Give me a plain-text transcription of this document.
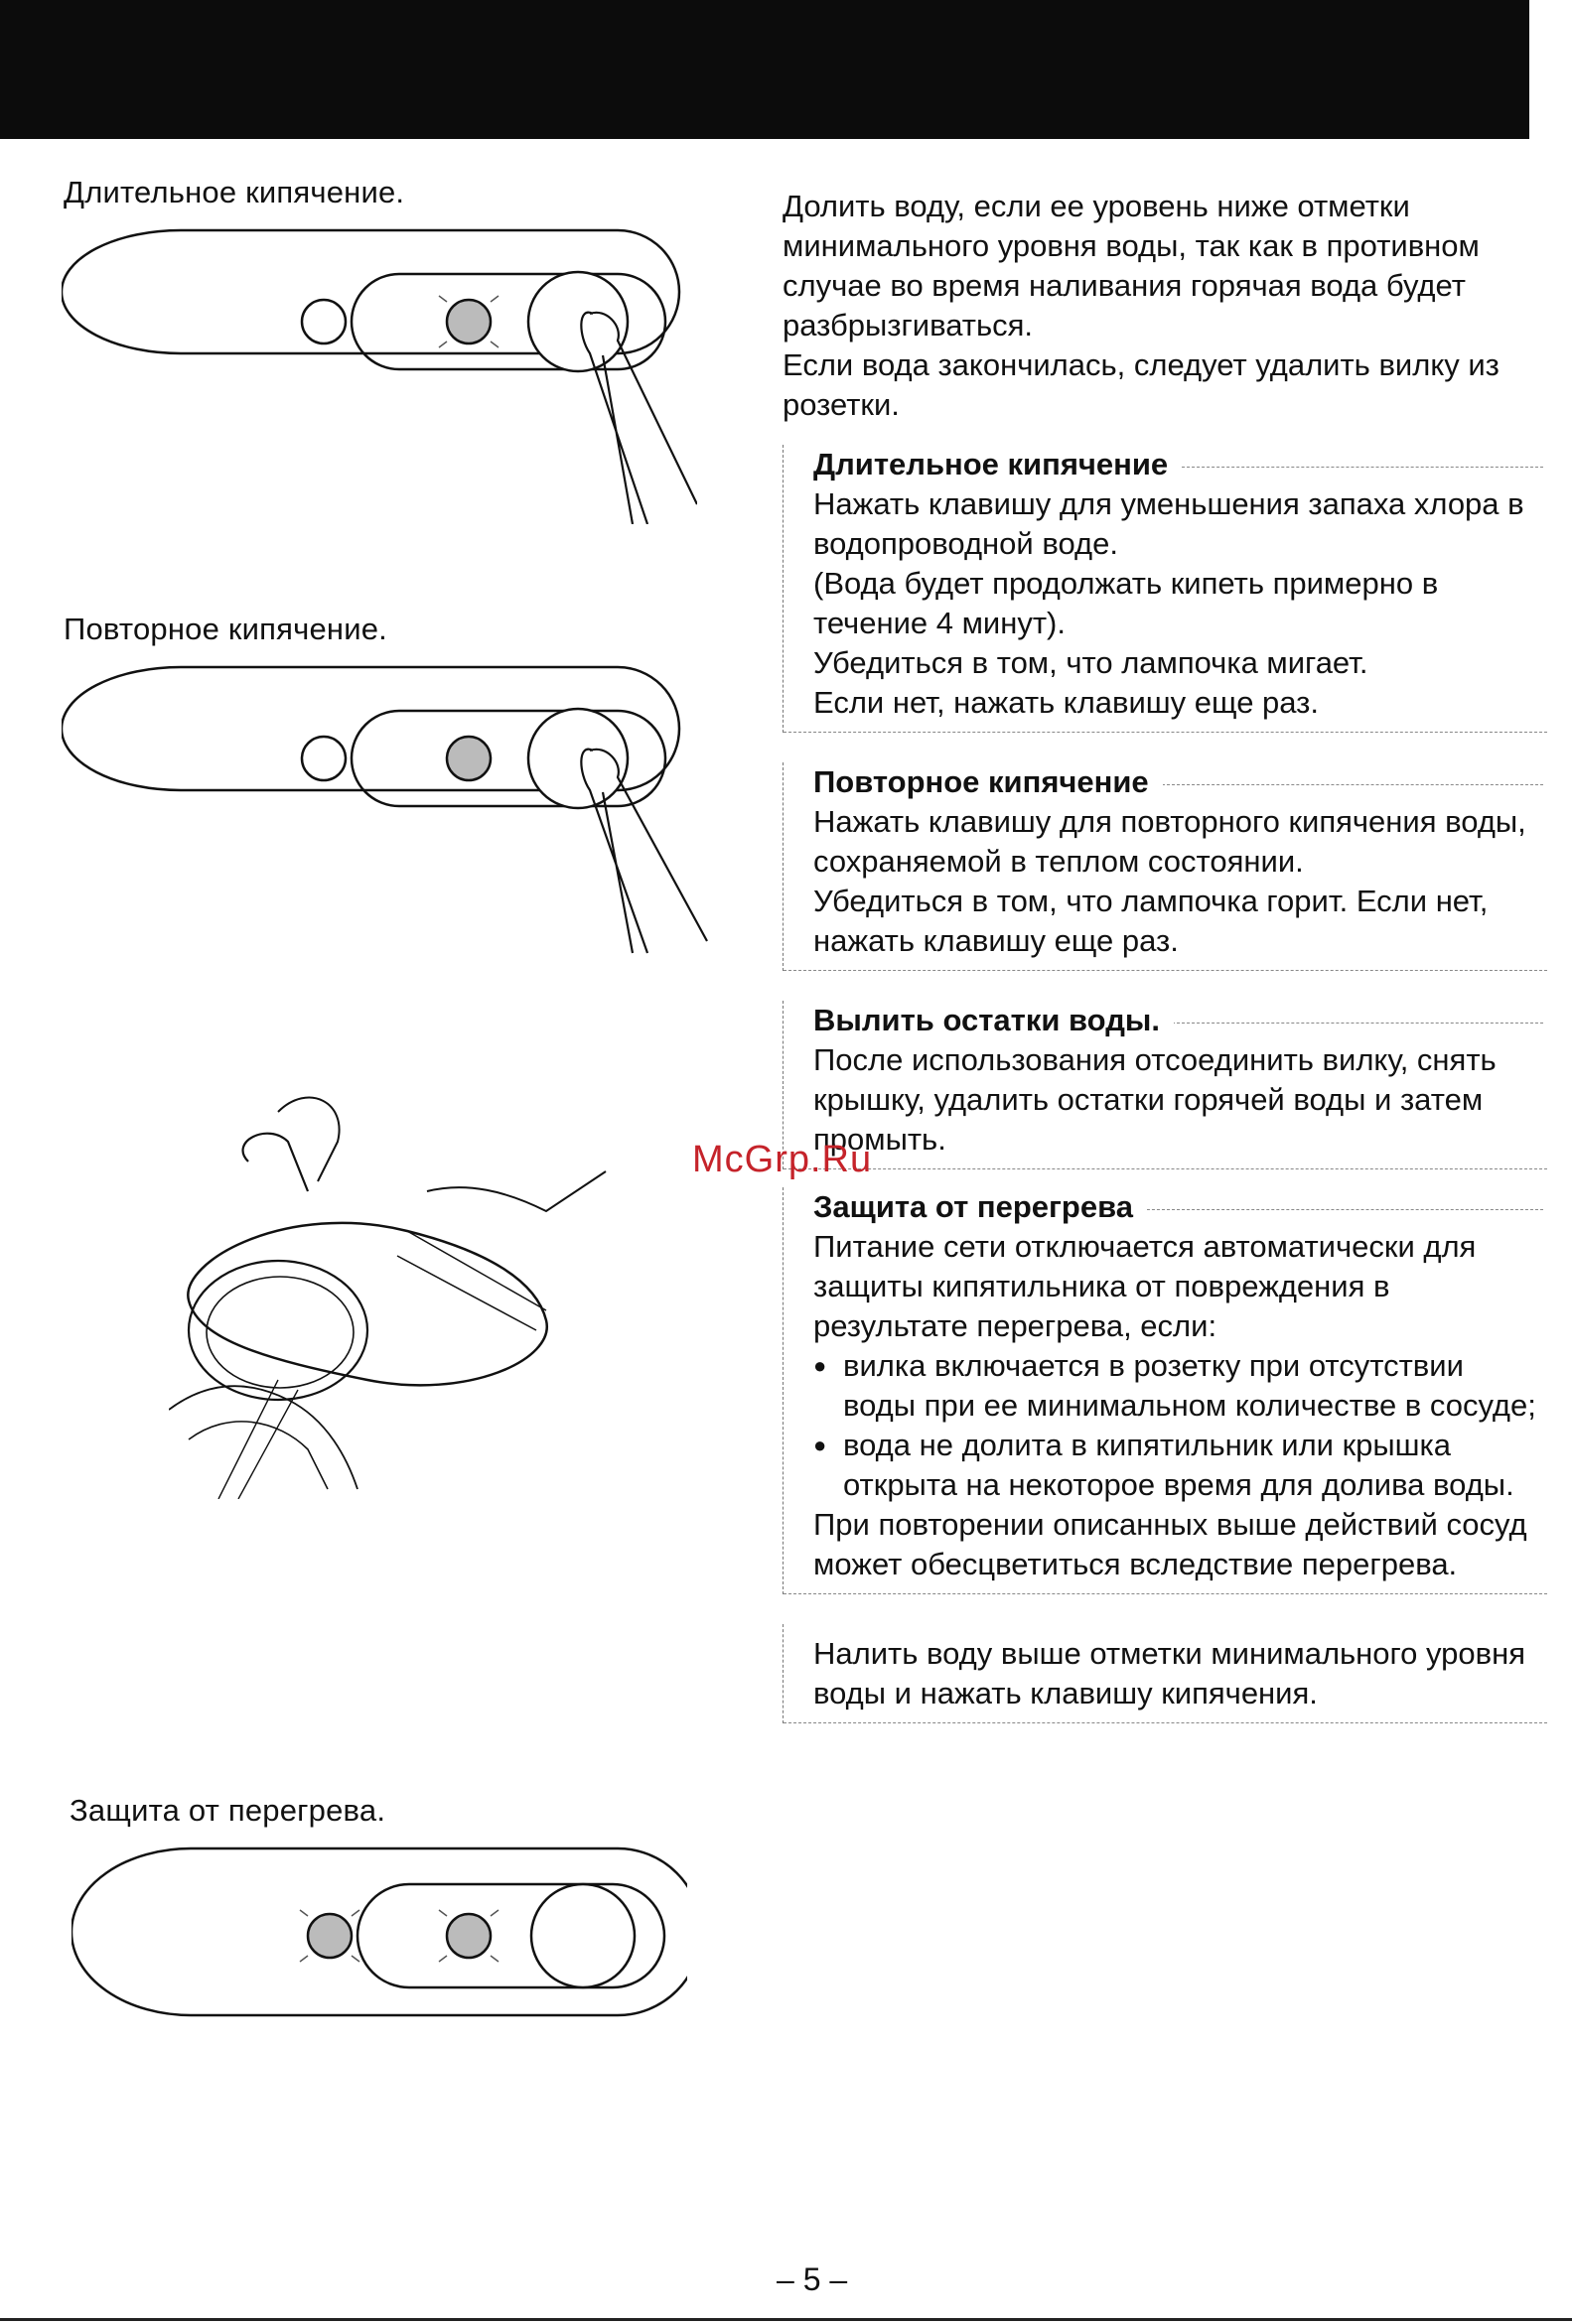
Длительное кипячение.
Повторное кипячение.
Защита от перегрева.

Долить воду, если ее уровень ниже отметки минимального уровня воды, так как в противном случае во время наливания горячая вода будет разбрызгиваться.

Если вода закончилась, следует удалить вилку из розетки.

Длительное кипячение

Нажать клавишу для уменьшения запаха хлора в водопроводной воде.

(Вода будет продолжать кипеть примерно в течение 4 минут).

Убедиться в том, что лампочка мигает.

Если нет, нажать клавишу еще раз.

Повторное кипячение

Нажать клавишу для повторного кипячения воды, сохраняемой в теплом состоянии.

Убедиться в том, что лампочка горит. Если нет, нажать клавишу еще раз.

Вылить остатки воды.

После использования отсоединить вилку, снять крышку, удалить остатки горячей воды и затем промыть.

Защита от перегрева

Питание сети отключается автоматически для защиты кипятильника от повреждения в результате перегрева, если:

● вилка включается в розетку при отсутствии воды при ее минимальном количестве в сосуде;
● вода не долита в кипятильник или крышка открыта на некоторое время для долива воды.

При повторении описанных выше действий сосуд может обесцветиться вследствие перегрева.

Налить воду выше отметки минимального уровня воды и нажать клавишу кипячения.

McGrp.Ru
– 5 –
